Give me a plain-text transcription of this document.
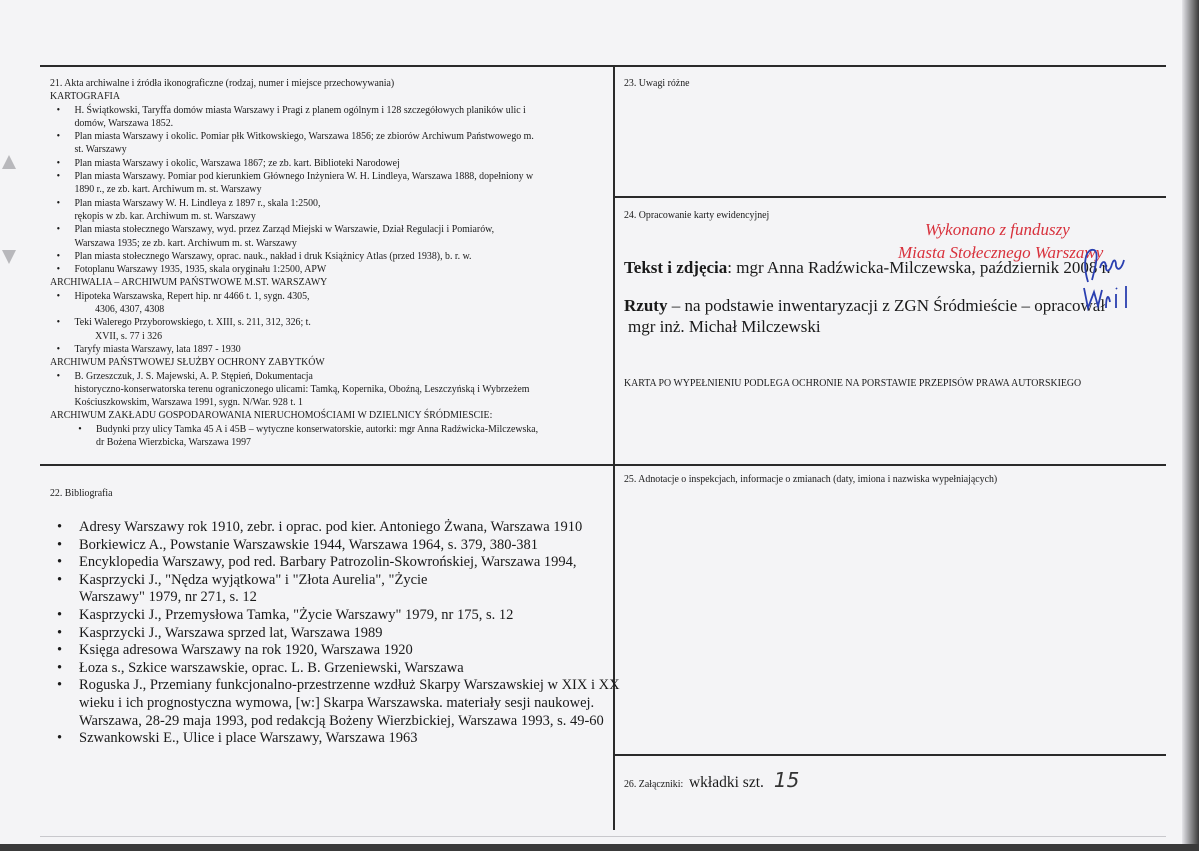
21. Akta archiwalne i źródła ikonograficzne (rodzaj, numer i miejsce przechowywania)
KARTOGRAFIA
• H. Świątkowski, Taryffa domów miasta Warszawy i Pragi z planem ogólnym i 128 szczegółowych planików ulic i
domów, Warszawa 1852.
• Plan miasta Warszawy i okolic. Pomiar płk Witkowskiego, Warszawa 1856; ze zbiorów Archiwum Państwowego m.
st. Warszawy
• Plan miasta Warszawy i okolic, Warszawa 1867; ze zb. kart. Biblioteki Narodowej
• Plan miasta Warszawy. Pomiar pod kierunkiem Głównego Inżyniera W. H. Lindleya, Warszawa 1888, dopełniony w
1890 r., ze zb. kart. Archiwum m. st. Warszawy
• Plan miasta Warszawy W. H. Lindleya z 1897 r., skala 1:2500,
rękopis w zb. kar. Archiwum m. st. Warszawy
• Plan miasta stołecznego Warszawy, wyd. przez Zarząd Miejski w Warszawie, Dział Regulacji i Pomiarów,
Warszawa 1935; ze zb. kart. Archiwum m. st. Warszawy
• Plan miasta stołecznego Warszawy, oprac. nauk., nakład i druk Książnicy Atlas (przed 1938), b. r. w.
• Fotoplanu Warszawy 1935, 1935, skala oryginału 1:2500, APW
ARCHIWALIA – ARCHIWUM PAŃSTWOWE M.ST. WARSZAWY
• Hipoteka Warszawska, Repert hip. nr 4466 t. 1, sygn. 4305,
4306, 4307, 4308
• Teki Walerego Przyborowskiego, t. XIII, s. 211, 312, 326; t.
XVII, s. 77 i 326
• Taryfy miasta Warszawy, lata 1897 - 1930
ARCHIWUM PAŃSTWOWEJ SŁUŻBY OCHRONY ZABYTKÓW
• B. Grzeszczuk, J. S. Majewski, A. P. Stępień, Dokumentacja
historyczno-konserwatorska terenu ograniczonego ulicami: Tamką, Kopernika, Oboźną, Leszczyńską i Wybrzeżem
Kościuszkowskim, Warszawa 1991, sygn. N/War. 928 t. 1
ARCHIWUM ZAKŁADU GOSPODAROWANIA NIERUCHOMOŚCIAMI W DZIELNICY ŚRÓDMIESCIE:
• Budynki przy ulicy Tamka 45 A i 45B – wytyczne konserwatorskie, autorki: mgr Anna Radźwicka-Milczewska,
dr Bożena Wierzbicka, Warszawa 1997
22. Bibliografia
• Adresy Warszawy rok 1910, zebr. i oprac. pod kier. Antoniego Żwana, Warszawa 1910
• Borkiewicz A., Powstanie Warszawskie 1944, Warszawa 1964, s. 379, 380-381
• Encyklopedia Warszawy, pod red. Barbary Patrozolin-Skowrońskiej, Warszawa 1994,
• Kasprzycki J., "Nędza wyjątkowa" i "Złota Aurelia", "Życie
Warszawy" 1979, nr 271, s. 12
• Kasprzycki J., Przemysłowa Tamka, "Życie Warszawy" 1979, nr 175, s. 12
• Kasprzycki J., Warszawa sprzed lat, Warszawa 1989
• Księga adresowa Warszawy na rok 1920, Warszawa 1920
• Łoza s., Szkice warszawskie, oprac. L. B. Grzeniewski, Warszawa
• Roguska J., Przemiany funkcjonalno-przestrzenne wzdłuż Skarpy Warszawskiej w XIX i XX
wieku i ich prognostyczna wymowa, [w:] Skarpa Warszawska. materiały sesji naukowej.
Warszawa, 28-29 maja 1993, pod redakcją Bożeny Wierzbickiej, Warszawa 1993, s. 49-60
• Szwankowski E., Ulice i place Warszawy, Warszawa 1963
23. Uwagi różne
24. Opracowanie karty ewidencyjnej
Wykonano z funduszy
Miasta Stołecznego Warszawy
Tekst i zdjęcia: mgr Anna Radźwicka-Milczewska, październik 2008 r.
Rzuty – na podstawie inwentaryzacji z ZGN Śródmieście – opracował
mgr inż. Michał Milczewski
KARTA PO WYPEŁNIENIU PODLEGA OCHRONIE NA PORSTAWIE PRZEPISÓW PRAWA AUTORSKIEGO
25. Adnotacje o inspekcjach, informacje o zmianach (daty, imiona i nazwiska wypełniających)
26. Załączniki: wkładki szt. 15
